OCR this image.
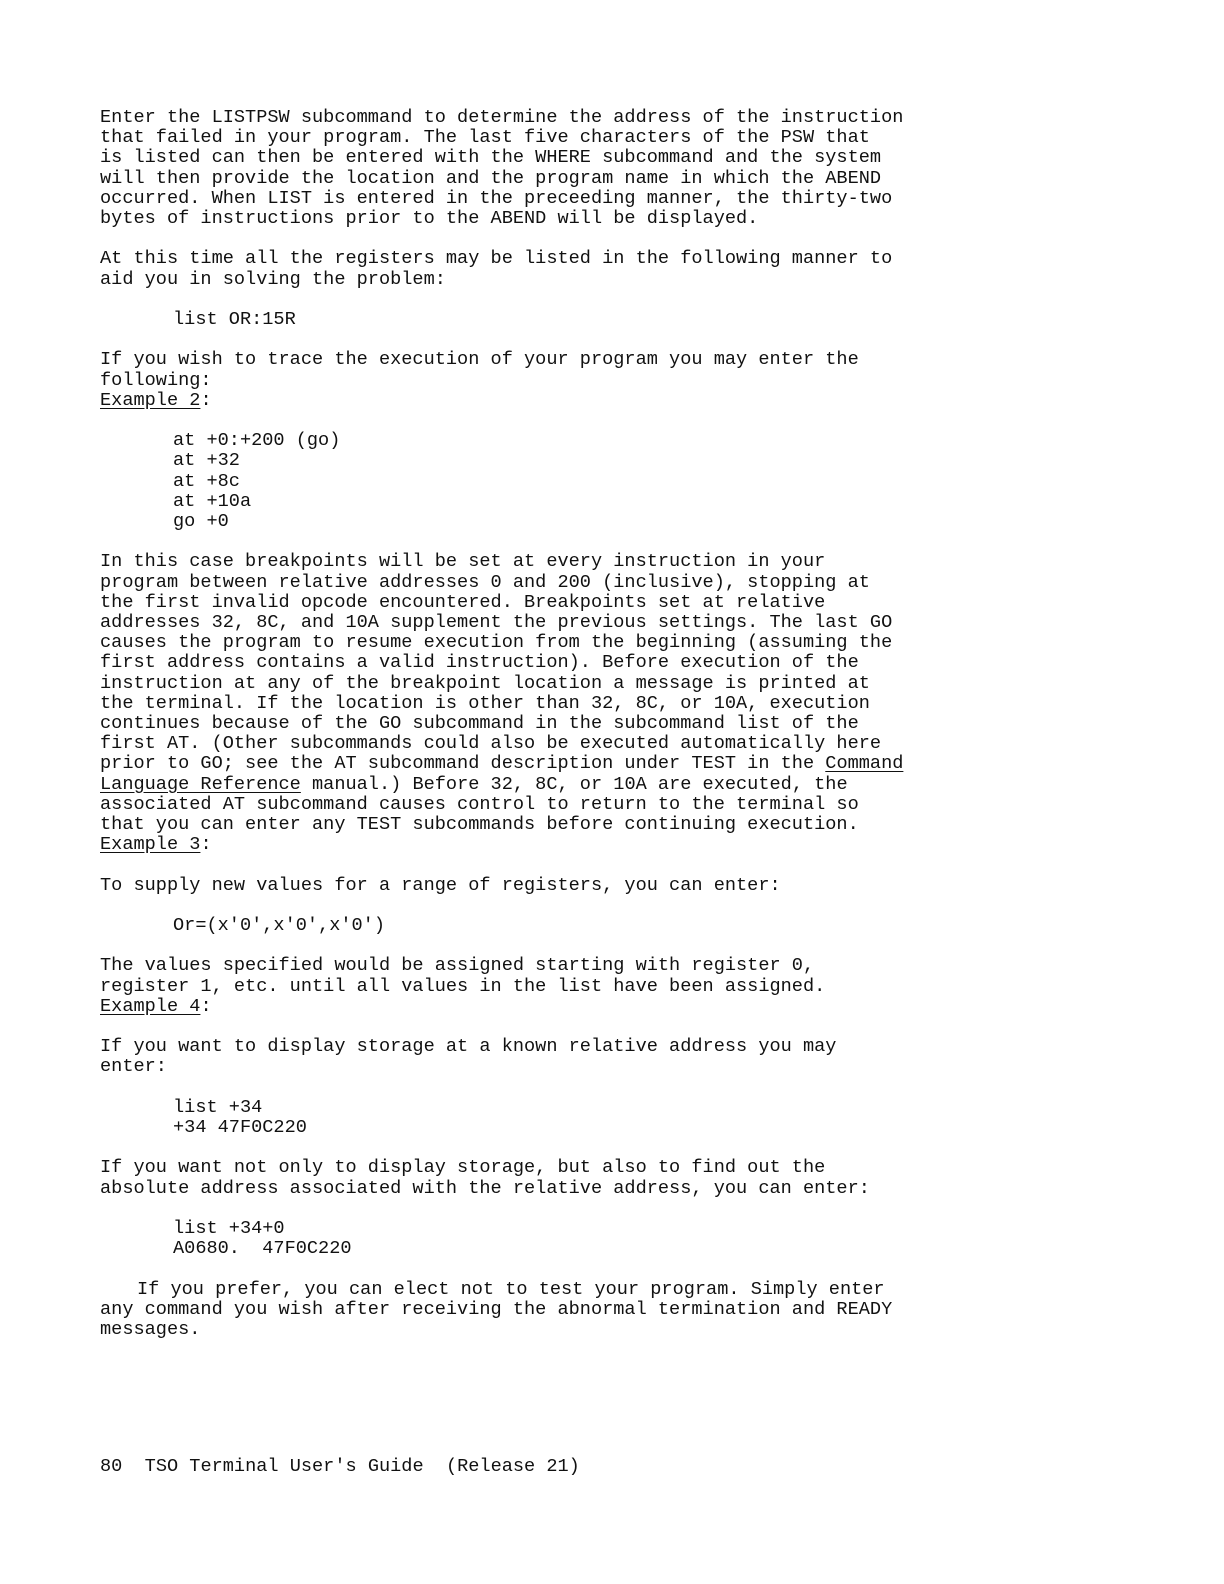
Enter the LISTPSW subcommand to determine the address of the instruction
that failed in your program. The last five characters of the PSW that
is listed can then be entered with the WHERE subcommand and the system
will then provide the location and the program name in which the ABEND
occurred. When LIST is entered in the preceeding manner, the thirty-two
bytes of instructions prior to the ABEND will be displayed.

At this time all the registers may be listed in the following manner to
aid you in solving the problem:

list OR:15R

If you wish to trace the execution of your program you may enter the
following:

Example 2:

at +0:+200 (go)
at +32
at +8c
at +10a
go +0

In this case breakpoints will be set at every instruction in your
program between relative addresses 0 and 200 (inclusive), stopping at
the first invalid opcode encountered. Breakpoints set at relative
addresses 32, 8C, and 10A supplement the previous settings. The last GO
causes the program to resume execution from the beginning (assuming the
first address contains a valid instruction). Before execution of the
instruction at any of the breakpoint location a message is printed at
the terminal. If the location is other than 32, 8C, or 10A, execution
continues because of the GO subcommand in the subcommand list of the
first AT. (Other subcommands could also be executed automatically here
prior to GO; see the AT subcommand description under TEST in the Command
Language Reference manual.) Before 32, 8C, or 10A are executed, the
associated AT subcommand causes control to return to the terminal so
that you can enter any TEST subcommands before continuing execution.

Example 3:

To supply new values for a range of registers, you can enter:

Or=(x'0',x'0',x'0')

The values specified would be assigned starting with register 0,
register 1, etc. until all values in the list have been assigned.

Example 4:

If you want to display storage at a known relative address you may
enter:

list +34
+34 47F0C220

If you want not only to display storage, but also to find out the
absolute address associated with the relative address, you can enter:

list +34+0
A0680.  47F0C220

If you prefer, you can elect not to test your program. Simply enter
any command you wish after receiving the abnormal termination and READY
messages.

80 TSO Terminal User's Guide (Release 21)
